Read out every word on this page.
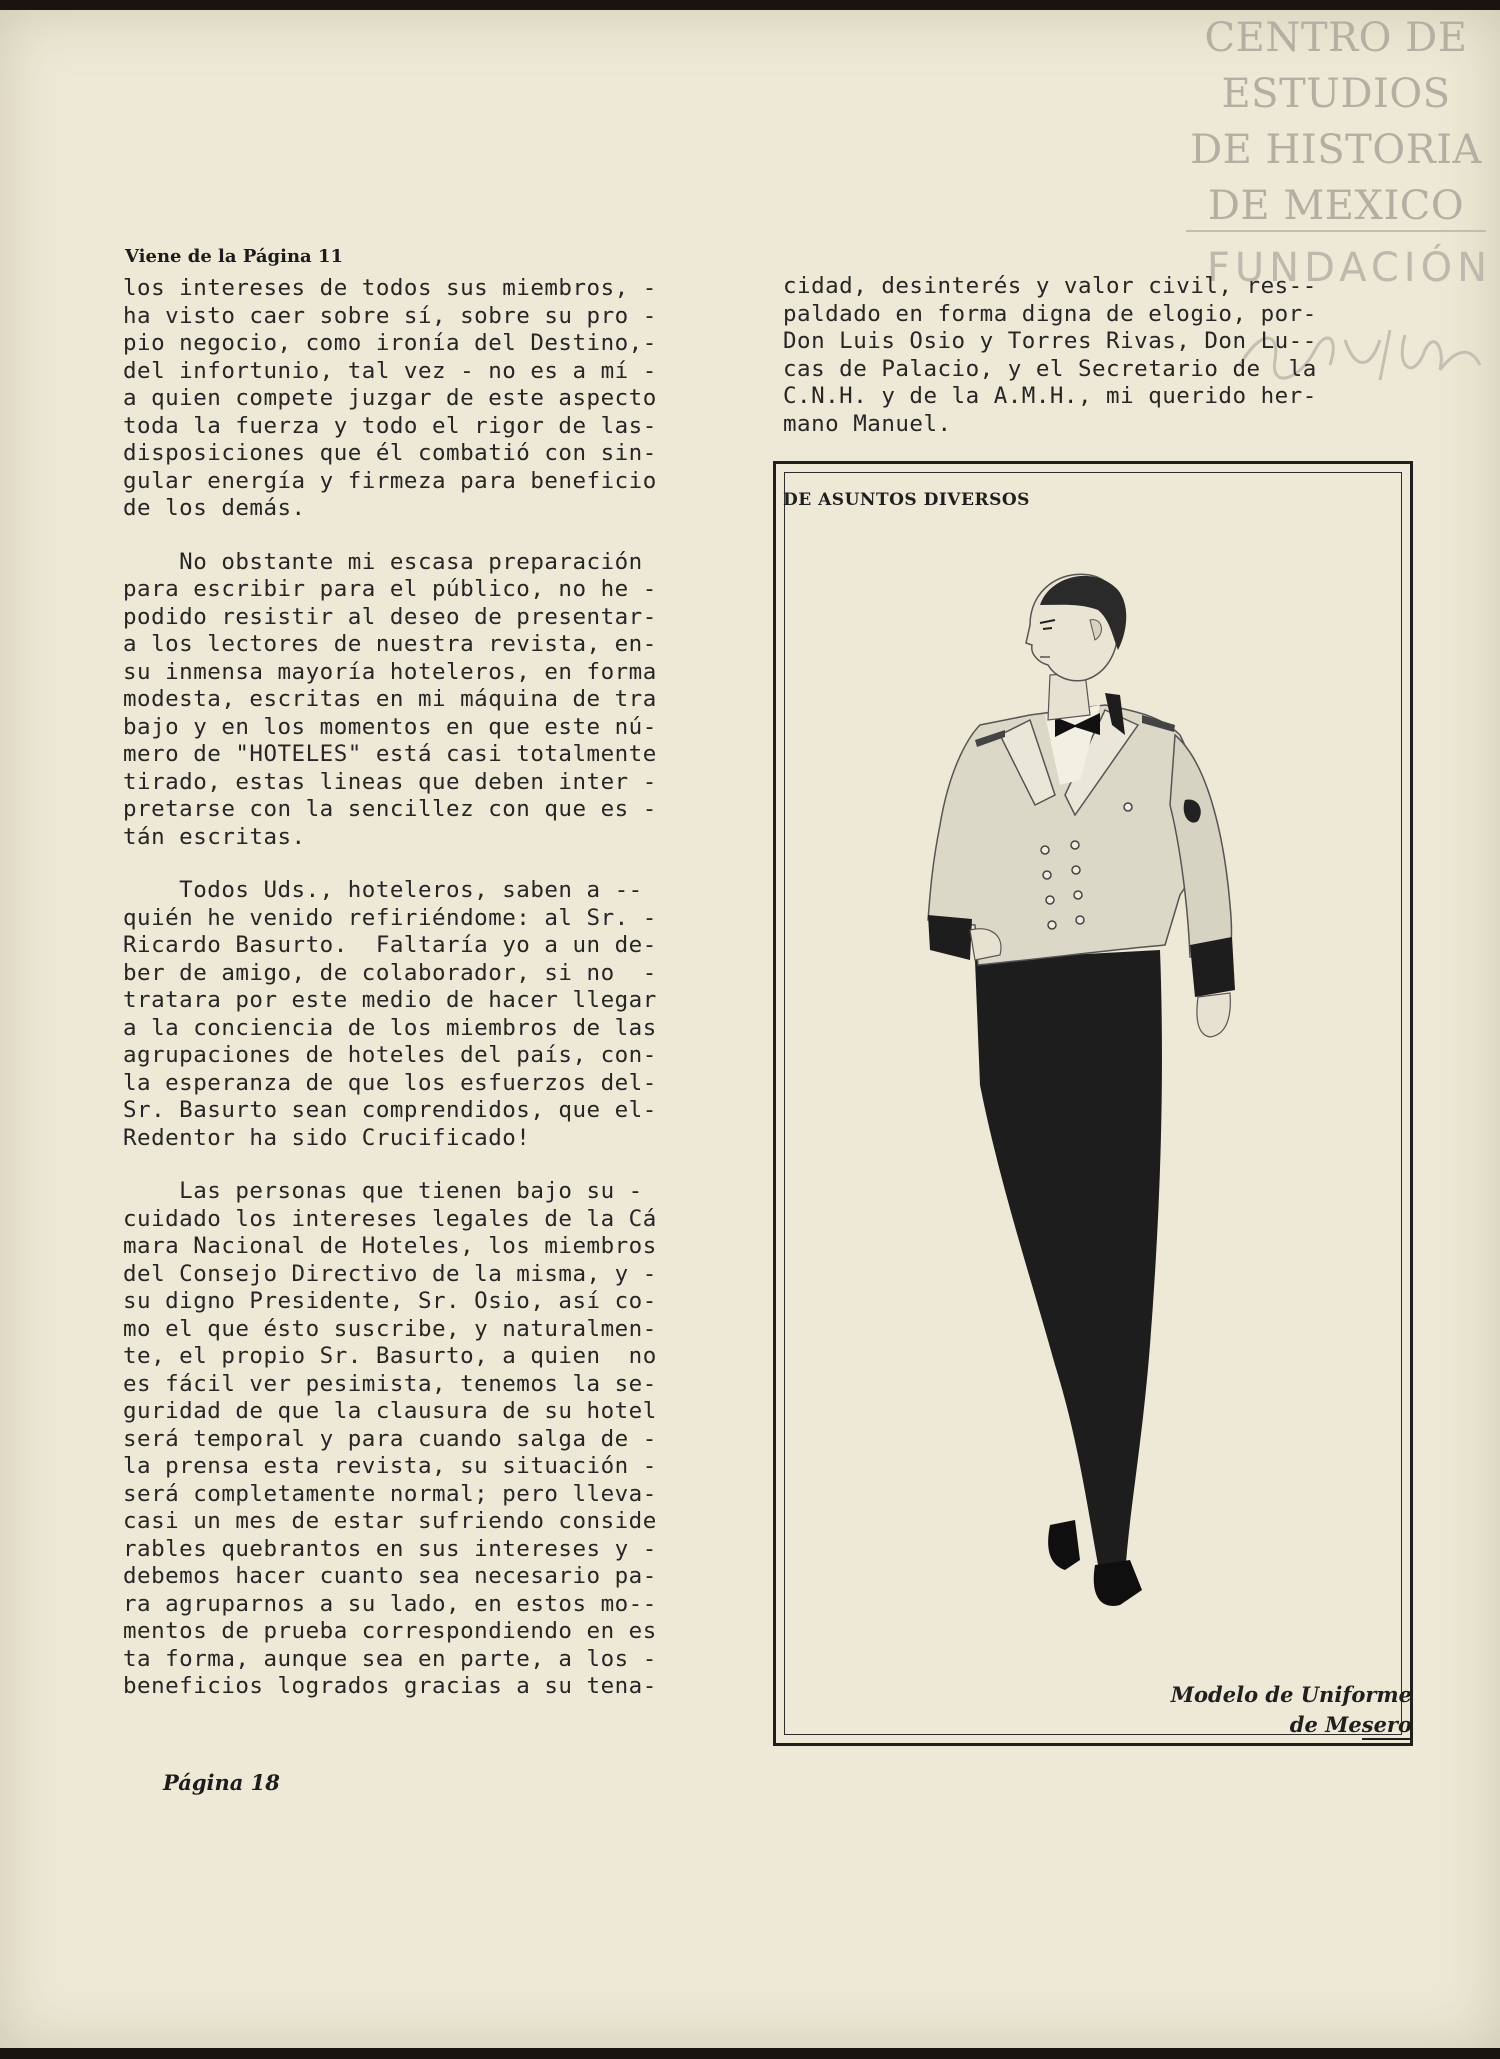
CENTRO DE
ESTUDIOS
DE HISTORIA
DE MEXICO
FUNDACIÓN
Viene de la Página 11

los intereses de todos sus miembros, -
ha visto caer sobre sí, sobre su pro -
pio negocio, como ironía del Destino,-
del infortunio, tal vez - no es a mí -
a quien compete juzgar de este aspecto
toda la fuerza y todo el rigor de las-
disposiciones que él combatió con sin-
gular energía y firmeza para beneficio
de los demás.

No obstante mi escasa preparación
para escribir para el público, no he -
podido resistir al deseo de presentar-
a los lectores de nuestra revista, en-
su inmensa mayoría hoteleros, en forma
modesta, escritas en mi máquina de tra
bajo y en los momentos en que este nú-
mero de "HOTELES" está casi totalmente
tirado, estas lineas que deben inter -
pretarse con la sencillez con que es -
tán escritas.

Todos Uds., hoteleros, saben a --
quién he venido refiriéndome: al Sr. -
Ricardo Basurto.  Faltaría yo a un de-
ber de amigo, de colaborador, si no  -
tratara por este medio de hacer llegar
a la conciencia de los miembros de las
agrupaciones de hoteles del país, con-
la esperanza de que los esfuerzos del-
Sr. Basurto sean comprendidos, que el-
Redentor ha sido Crucificado!

Las personas que tienen bajo su -
cuidado los intereses legales de la Cá
mara Nacional de Hoteles, los miembros
del Consejo Directivo de la misma, y -
su digno Presidente, Sr. Osio, así co-
mo el que ésto suscribe, y naturalmen-
te, el propio Sr. Basurto, a quien  no
es fácil ver pesimista, tenemos la se-
guridad de que la clausura de su hotel
será temporal y para cuando salga de -
la prensa esta revista, su situación -
será completamente normal; pero lleva-
casi un mes de estar sufriendo conside
rables quebrantos en sus intereses y -
debemos hacer cuanto sea necesario pa-
ra agruparnos a su lado, en estos mo--
mentos de prueba correspondiendo en es
ta forma, aunque sea en parte, a los -
beneficios logrados gracias a su tena-

cidad, desinterés y valor civil, res--
paldado en forma digna de elogio, por-
Don Luis Osio y Torres Rivas, Don Lu--
cas de Palacio, y el Secretario de  la
C.N.H. y de la A.M.H., mi querido her-
mano Manuel.
DE ASUNTOS DIVERSOS
Modelo de Uniforme
de Mesero
Página 18
